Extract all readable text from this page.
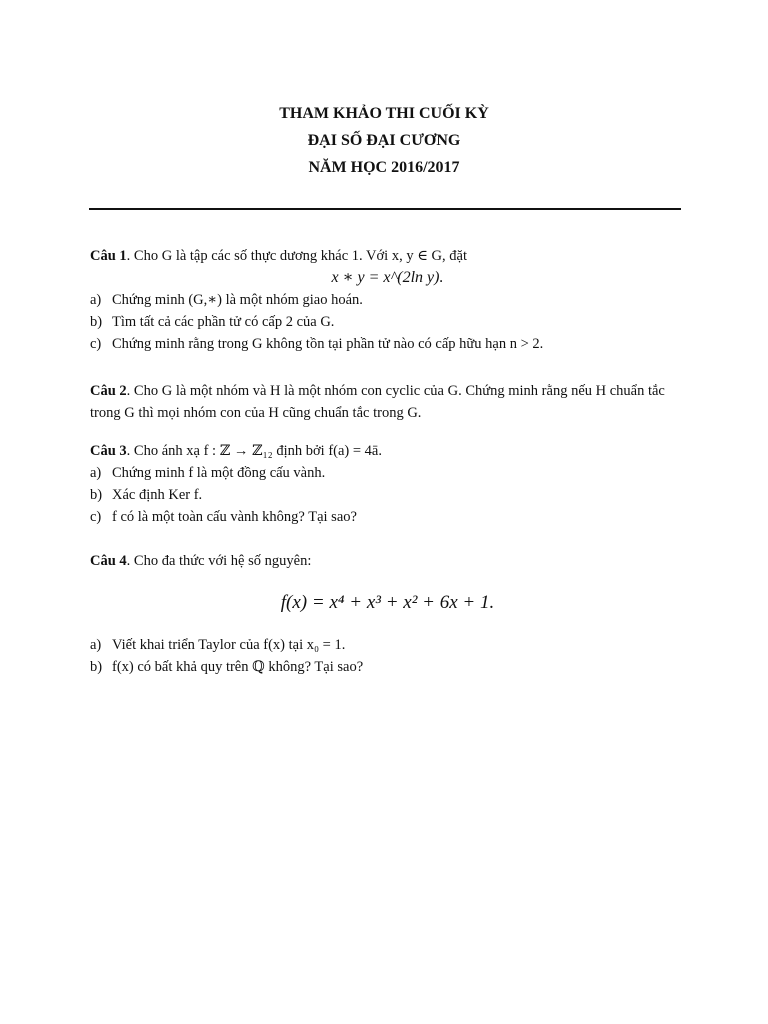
THAM KHẢO THI CUỐI KỲ
ĐẠI SỐ ĐẠI CƯƠNG
NĂM HỌC 2016/2017
Câu 1. Cho G là tập các số thực dương khác 1. Với x, y ∈ G, đặt
x ∗ y = x^(2ln y).
a) Chứng minh (G,∗) là một nhóm giao hoán.
b) Tìm tất cả các phần tử có cấp 2 của G.
c) Chứng minh rằng trong G không tồn tại phần tử nào có cấp hữu hạn n > 2.
Câu 2. Cho G là một nhóm và H là một nhóm con cyclic của G. Chứng minh rằng nếu H chuẩn tắc trong G thì mọi nhóm con của H cũng chuẩn tắc trong G.
Câu 3. Cho ánh xạ f : ℤ → ℤ₁₂ định bởi f(a) = 4ā.
a) Chứng minh f là một đồng cấu vành.
b) Xác định Ker f.
c) f có là một toàn cấu vành không? Tại sao?
Câu 4. Cho đa thức với hệ số nguyên:
f(x) = x⁴ + x³ + x² + 6x + 1.
a) Viết khai triển Taylor của f(x) tại x₀ = 1.
b) f(x) có bất khả quy trên ℚ không? Tại sao?
